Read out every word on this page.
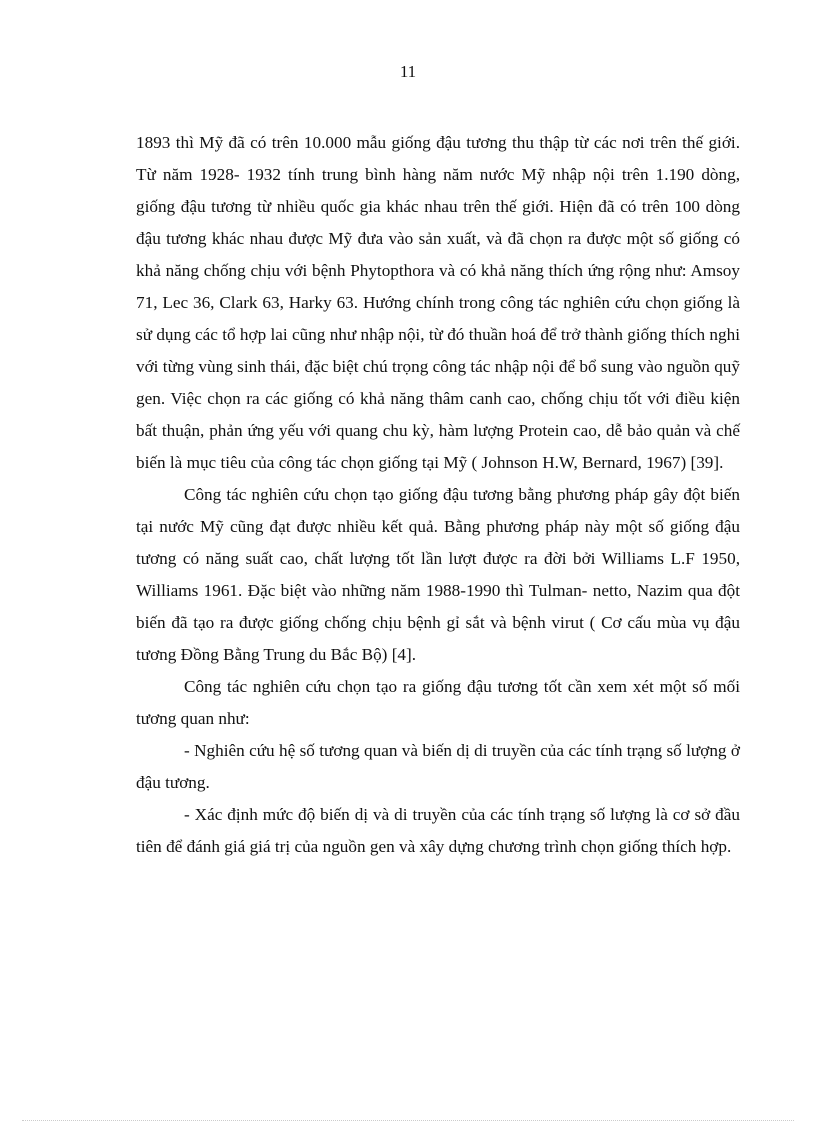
11

1893 thì Mỹ đã có trên 10.000 mẫu giống đậu tương thu thập từ các nơi trên thế giới. Từ năm 1928- 1932 tính trung bình hàng năm nước Mỹ nhập nội trên 1.190 dòng, giống đậu tương từ nhiều quốc gia khác nhau trên thế giới. Hiện đã có trên 100 dòng đậu tương khác nhau được Mỹ đưa vào sản xuất, và đã chọn ra được một số giống có khả năng chống chịu với bệnh Phytopthora và có khả năng thích ứng rộng như: Amsoy 71, Lec 36, Clark 63, Harky 63. Hướng chính trong công tác nghiên cứu chọn giống là sử dụng các tổ hợp lai cũng như nhập nội, từ đó thuần hoá để trở thành giống thích nghi với từng vùng sinh thái, đặc biệt chú trọng công tác nhập nội để bổ sung vào nguồn quỹ gen. Việc chọn ra các giống có khả năng thâm canh cao, chống chịu tốt với điều kiện bất thuận, phản ứng yếu với quang chu kỳ, hàm lượng Protein cao, dễ bảo quản và chế biến là mục tiêu của công tác chọn giống tại Mỹ ( Johnson H.W, Bernard, 1967) [39].

Công tác nghiên cứu chọn tạo giống đậu tương bằng phương pháp gây đột biến tại nước Mỹ cũng đạt được nhiều kết quả. Bằng phương pháp này một số giống đậu tương có năng suất cao, chất lượng tốt lần lượt được ra đời bởi Williams L.F 1950, Williams 1961. Đặc biệt vào những năm 1988-1990 thì Tulman- netto, Nazim qua đột biến đã tạo ra được giống chống chịu bệnh gỉ sắt và bệnh virut ( Cơ cấu mùa vụ đậu tương Đồng Bằng Trung du Bắc Bộ) [4].

Công tác nghiên cứu chọn tạo ra giống đậu tương tốt cần xem xét một số mối tương quan như:

- Nghiên cứu hệ số tương quan và biến dị di truyền của các tính trạng số lượng ở đậu tương.

- Xác định mức độ biến dị và di truyền của các tính trạng số lượng là cơ sở đầu tiên để đánh giá giá trị của nguồn gen và xây dựng chương trình chọn giống thích hợp.
